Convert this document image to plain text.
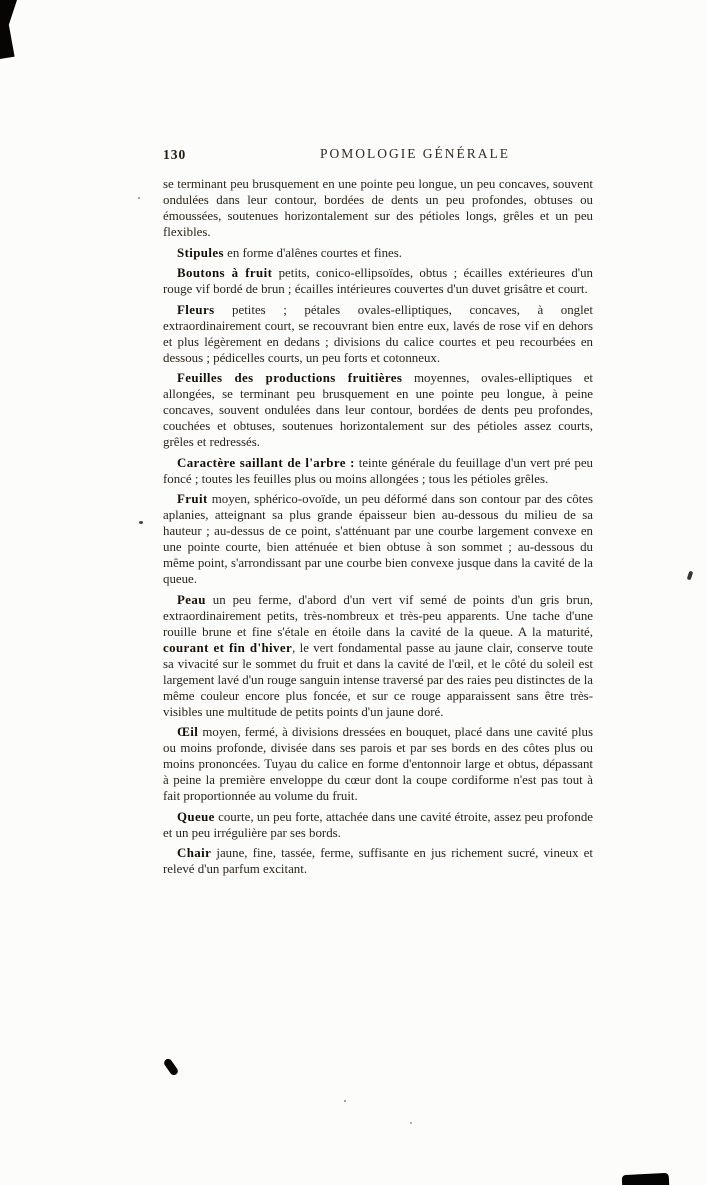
130	POMOLOGIE GÉNÉRALE

se terminant peu brusquement en une pointe peu longue, un peu concaves, souvent ondulées dans leur contour, bordées de dents un peu profondes, obtuses ou émoussées, soutenues horizontalement sur des pétioles longs, grêles et un peu flexibles.

Stipules en forme d'alênes courtes et fines.

Boutons à fruit petits, conico-ellipsoïdes, obtus ; écailles extérieures d'un rouge vif bordé de brun ; écailles intérieures couvertes d'un duvet grisâtre et court.

Fleurs petites ; pétales ovales-elliptiques, concaves, à onglet extraordinairement court, se recouvrant bien entre eux, lavés de rose vif en dehors et plus légèrement en dedans ; divisions du calice courtes et peu recourbées en dessous ; pédicelles courts, un peu forts et cotonneux.

Feuilles des productions fruitières moyennes, ovales-elliptiques et allongées, se terminant peu brusquement en une pointe peu longue, à peine concaves, souvent ondulées dans leur contour, bordées de dents peu profondes, couchées et obtuses, soutenues horizontalement sur des pétioles assez courts, grêles et redressés.

Caractère saillant de l'arbre : teinte générale du feuillage d'un vert pré peu foncé ; toutes les feuilles plus ou moins allongées ; tous les pétioles grêles.

Fruit moyen, sphérico-ovoïde, un peu déformé dans son contour par des côtes aplanies, atteignant sa plus grande épaisseur bien au-dessous du milieu de sa hauteur ; au-dessus de ce point, s'atténuant par une courbe largement convexe en une pointe courte, bien atténuée et bien obtuse à son sommet ; au-dessous du même point, s'arrondissant par une courbe bien convexe jusque dans la cavité de la queue.

Peau un peu ferme, d'abord d'un vert vif semé de points d'un gris brun, extraordinairement petits, très-nombreux et très-peu apparents. Une tache d'une rouille brune et fine s'étale en étoile dans la cavité de la queue. A la maturité, courant et fin d'hiver, le vert fondamental passe au jaune clair, conserve toute sa vivacité sur le sommet du fruit et dans la cavité de l'œil, et le côté du soleil est largement lavé d'un rouge sanguin intense traversé par des raies peu distinctes de la même couleur encore plus foncée, et sur ce rouge apparaissent sans être très-visibles une multitude de petits points d'un jaune doré.

Œil moyen, fermé, à divisions dressées en bouquet, placé dans une cavité plus ou moins profonde, divisée dans ses parois et par ses bords en des côtes plus ou moins prononcées. Tuyau du calice en forme d'entonnoir large et obtus, dépassant à peine la première enveloppe du cœur dont la coupe cordiforme n'est pas tout à fait proportionnée au volume du fruit.

Queue courte, un peu forte, attachée dans une cavité étroite, assez peu profonde et un peu irrégulière par ses bords.

Chair jaune, fine, tassée, ferme, suffisante en jus richement sucré, vineux et relevé d'un parfum excitant.
